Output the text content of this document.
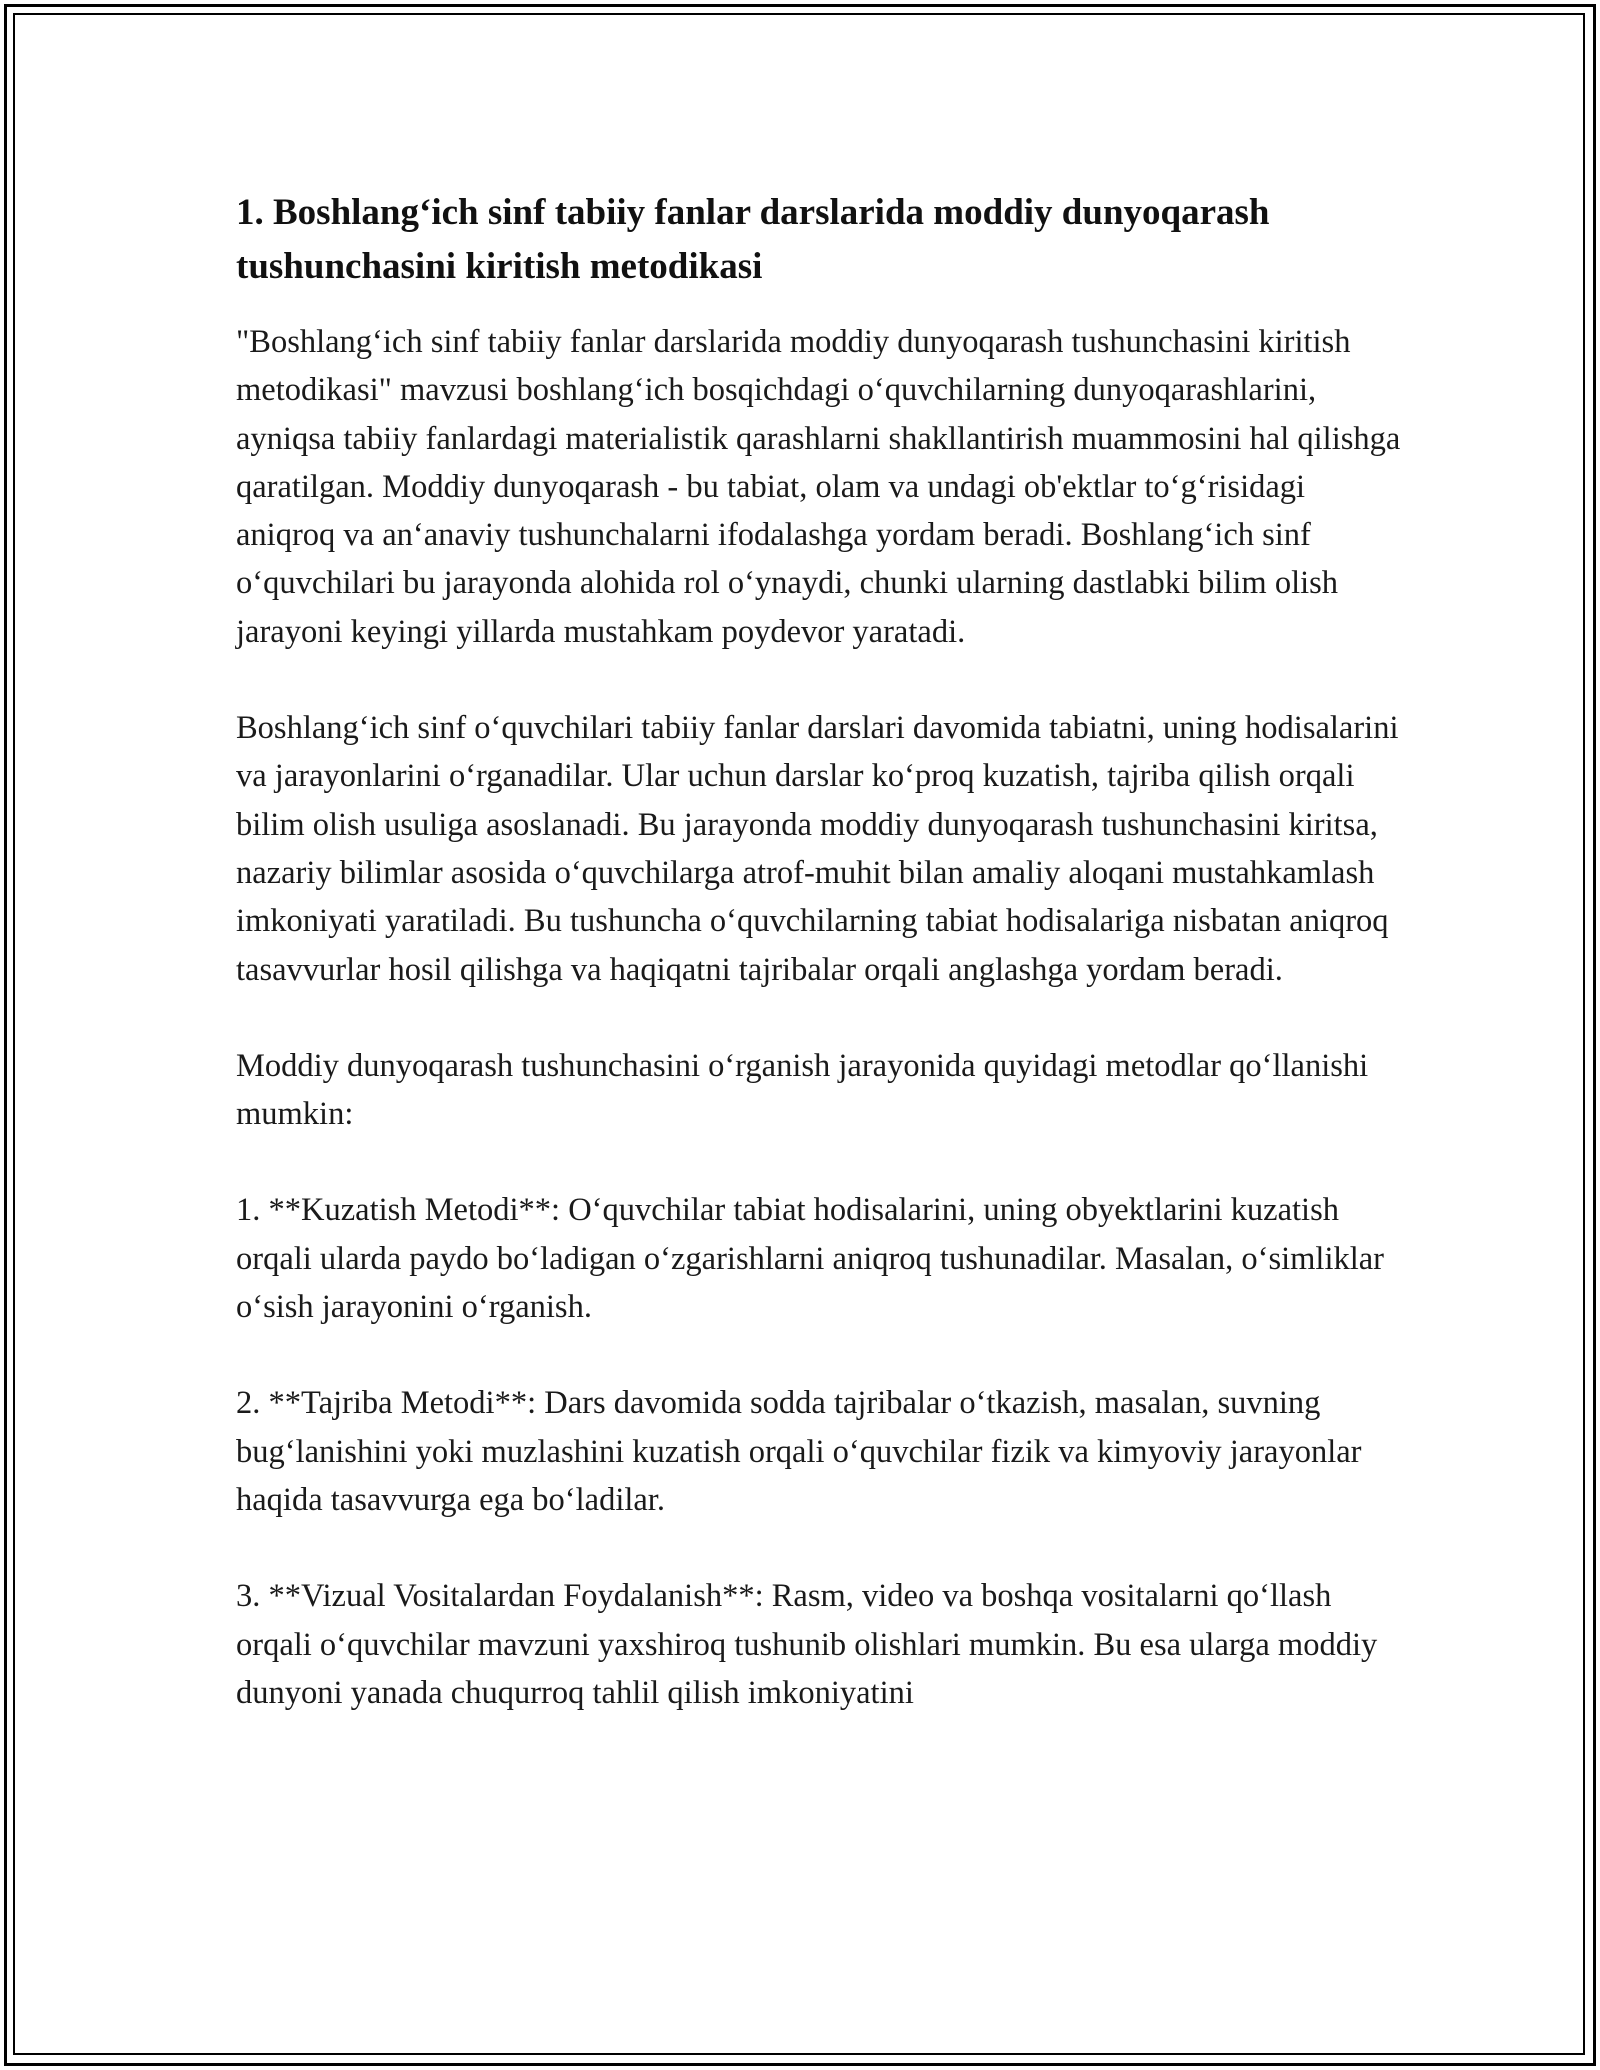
1. Boshlang‘ich sinf tabiiy fanlar darslarida moddiy dunyoqarash tushunchasini kiritish metodikasi

"Boshlang‘ich sinf tabiiy fanlar darslarida moddiy dunyoqarash tushunchasini kiritish metodikasi" mavzusi boshlang‘ich bosqichdagi o‘quvchilarning dunyoqarashlarini, ayniqsa tabiiy fanlardagi materialistik qarashlarni shakllantirish muammosini hal qilishga qaratilgan. Moddiy dunyoqarash - bu tabiat, olam va undagi ob'ektlar to‘g‘risidagi aniqroq va an‘anaviy tushunchalarni ifodalashga yordam beradi. Boshlang‘ich sinf o‘quvchilari bu jarayonda alohida rol o‘ynaydi, chunki ularning dastlabki bilim olish jarayoni keyingi yillarda mustahkam poydevor yaratadi.

Boshlang‘ich sinf o‘quvchilari tabiiy fanlar darslari davomida tabiatni, uning hodisalarini va jarayonlarini o‘rganadilar. Ular uchun darslar ko‘proq kuzatish, tajriba qilish orqali bilim olish usuliga asoslanadi. Bu jarayonda moddiy dunyoqarash tushunchasini kiritsa, nazariy bilimlar asosida o‘quvchilarga atrof-muhit bilan amaliy aloqani mustahkamlash imkoniyati yaratiladi. Bu tushuncha o‘quvchilarning tabiat hodisalariga nisbatan aniqroq tasavvurlar hosil qilishga va haqiqatni tajribalar orqali anglashga yordam beradi.

Moddiy dunyoqarash tushunchasini o‘rganish jarayonida quyidagi metodlar qo‘llanishi mumkin:

1. **Kuzatish Metodi**: O‘quvchilar tabiat hodisalarini, uning obyektlarini kuzatish orqali ularda paydo bo‘ladigan o‘zgarishlarni aniqroq tushunadilar. Masalan, o‘simliklar o‘sish jarayonini o‘rganish.

2. **Tajriba Metodi**: Dars davomida sodda tajribalar o‘tkazish, masalan, suvning bug‘lanishini yoki muzlashini kuzatish orqali o‘quvchilar fizik va kimyoviy jarayonlar haqida tasavvurga ega bo‘ladilar.

3. **Vizual Vositalardan Foydalanish**: Rasm, video va boshqa vositalarni qo‘llash orqali o‘quvchilar mavzuni yaxshiroq tushunib olishlari mumkin. Bu esa ularga moddiy dunyoni yanada chuqurroq tahlil qilish imkoniyatini
